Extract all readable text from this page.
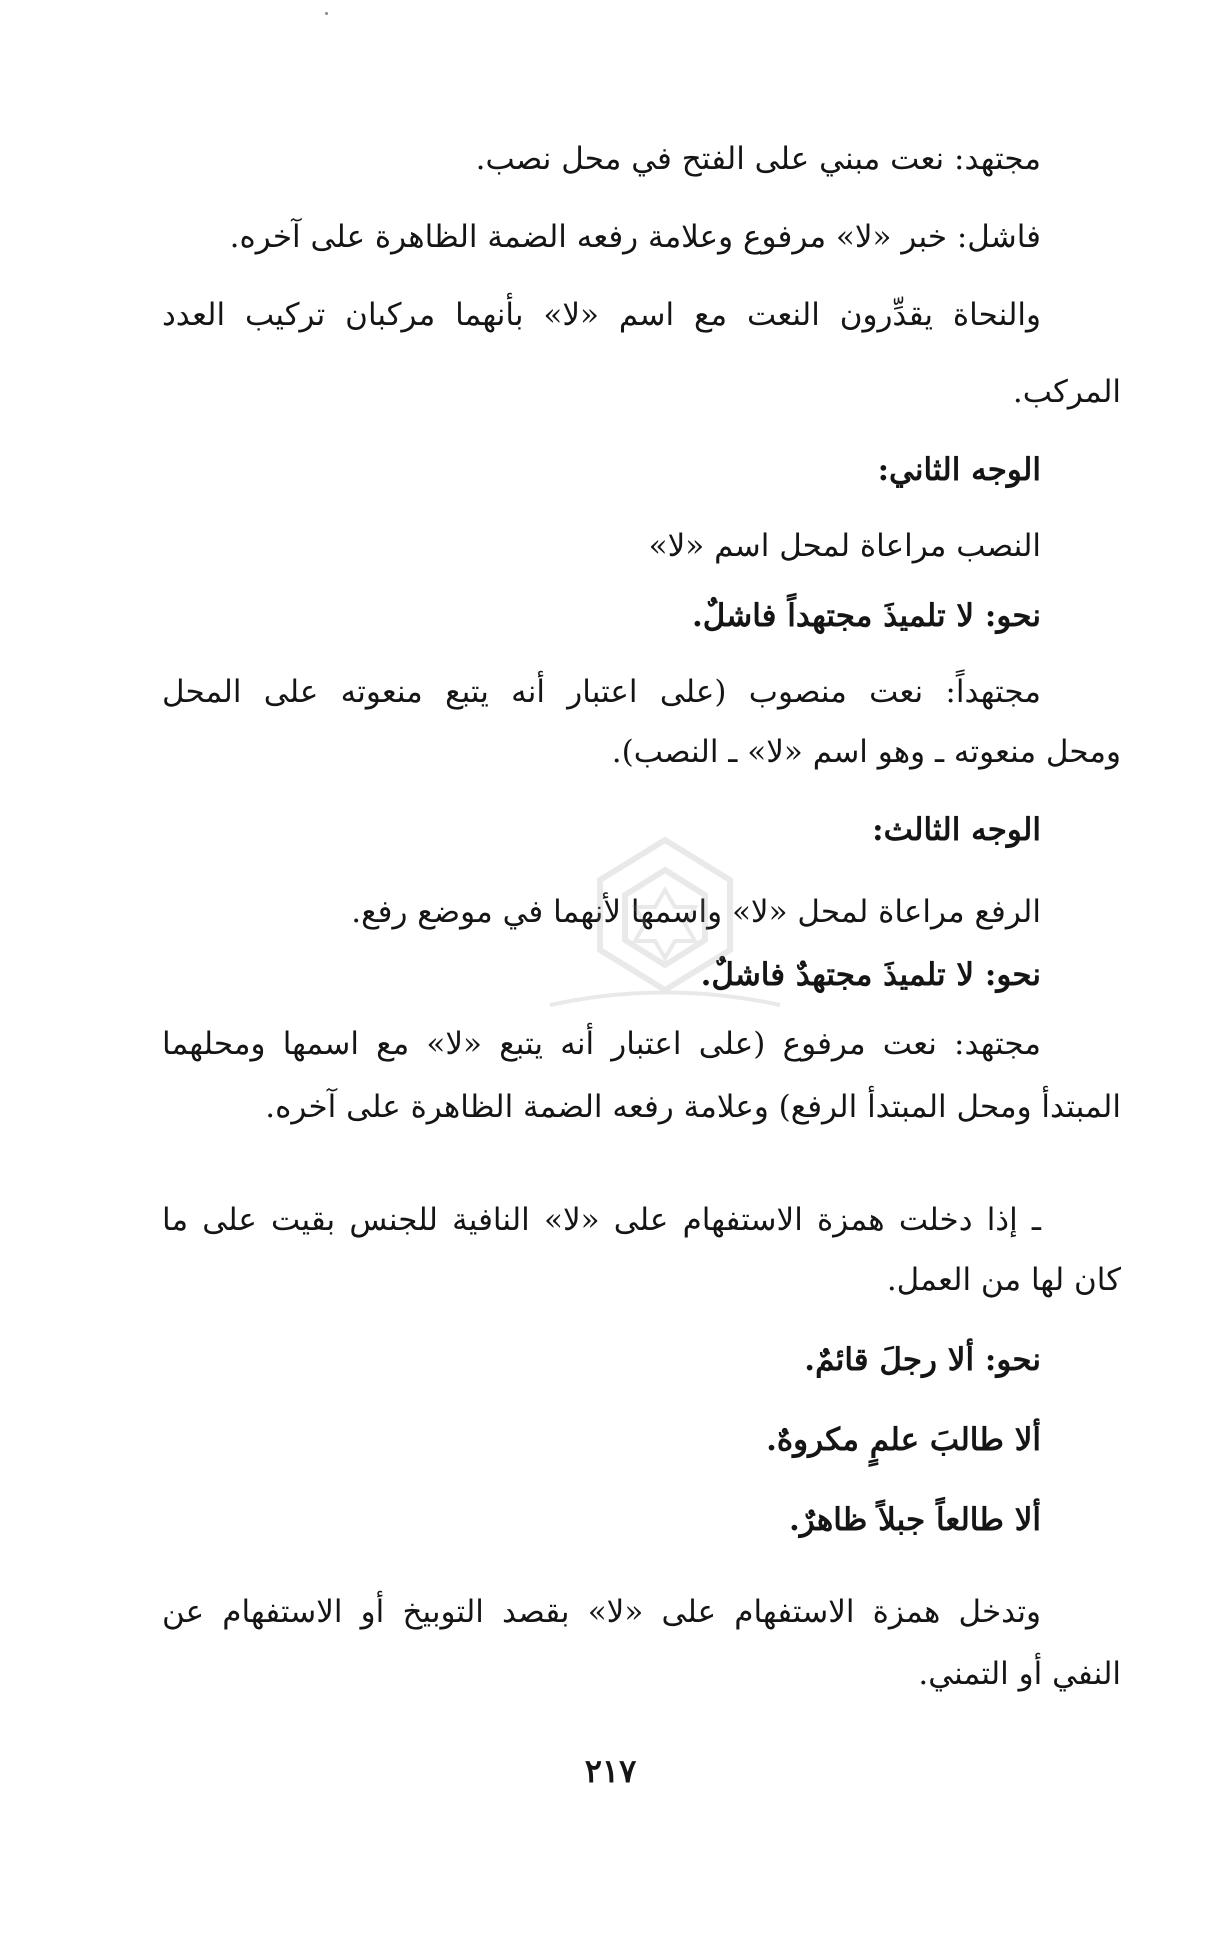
مجتهد: نعت مبني على الفتح في محل نصب.

فاشل: خبر «لا» مرفوع وعلامة رفعه الضمة الظاهرة على آخره.

والنحاة يقدِّرون النعت مع اسم «لا» بأنهما مركبان تركيب العدد

المركب.

الوجه الثاني:

النصب مراعاة لمحل اسم «لا»

نحو: لا تلميذَ مجتهداً فاشلٌ.

مجتهداً: نعت منصوب (على اعتبار أنه يتبع منعوته على المحل

ومحل منعوته ـ وهو اسم «لا» ـ النصب).

الوجه الثالث:

الرفع مراعاة لمحل «لا» واسمها لأنهما في موضع رفع.

نحو: لا تلميذَ مجتهدٌ فاشلٌ.

مجتهد: نعت مرفوع (على اعتبار أنه يتبع «لا» مع اسمها ومحلهما

المبتدأ ومحل المبتدأ الرفع) وعلامة رفعه الضمة الظاهرة على آخره.

ـ إذا دخلت همزة الاستفهام على «لا» النافية للجنس بقيت على ما

كان لها من العمل.

نحو: ألا رجلَ قائمٌ.

ألا طالبَ علمٍ مكروهٌ.

ألا طالعاً جبلاً ظاهرٌ.

وتدخل همزة الاستفهام على «لا» بقصد التوبيخ أو الاستفهام عن

النفي أو التمني.

٢١٧
